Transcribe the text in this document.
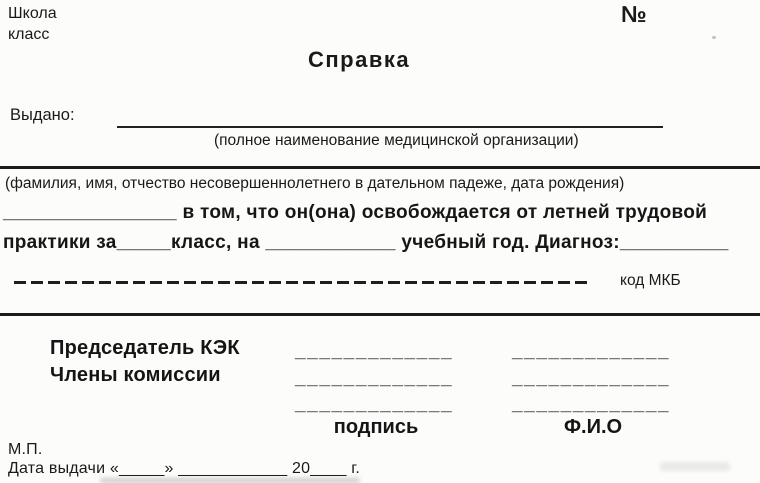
Школа
класс
№
Справка
Выдано:
(полное наименование медицинской организации)
(фамилия, имя, отчество несовершеннолетнего в дательном падеже, дата рождения)
________________ в том, что он(она) освобождается от летней трудовой
практики за_____класс, на ____________ учебный год. Диагноз:__________
код МКБ
Председатель КЭК
Члены комиссии
_____________	_____________
_____________	_____________
_____________	_____________
подпись	Ф.И.О
М.П.
Дата выдачи «_____» ____________ 20____ г.
